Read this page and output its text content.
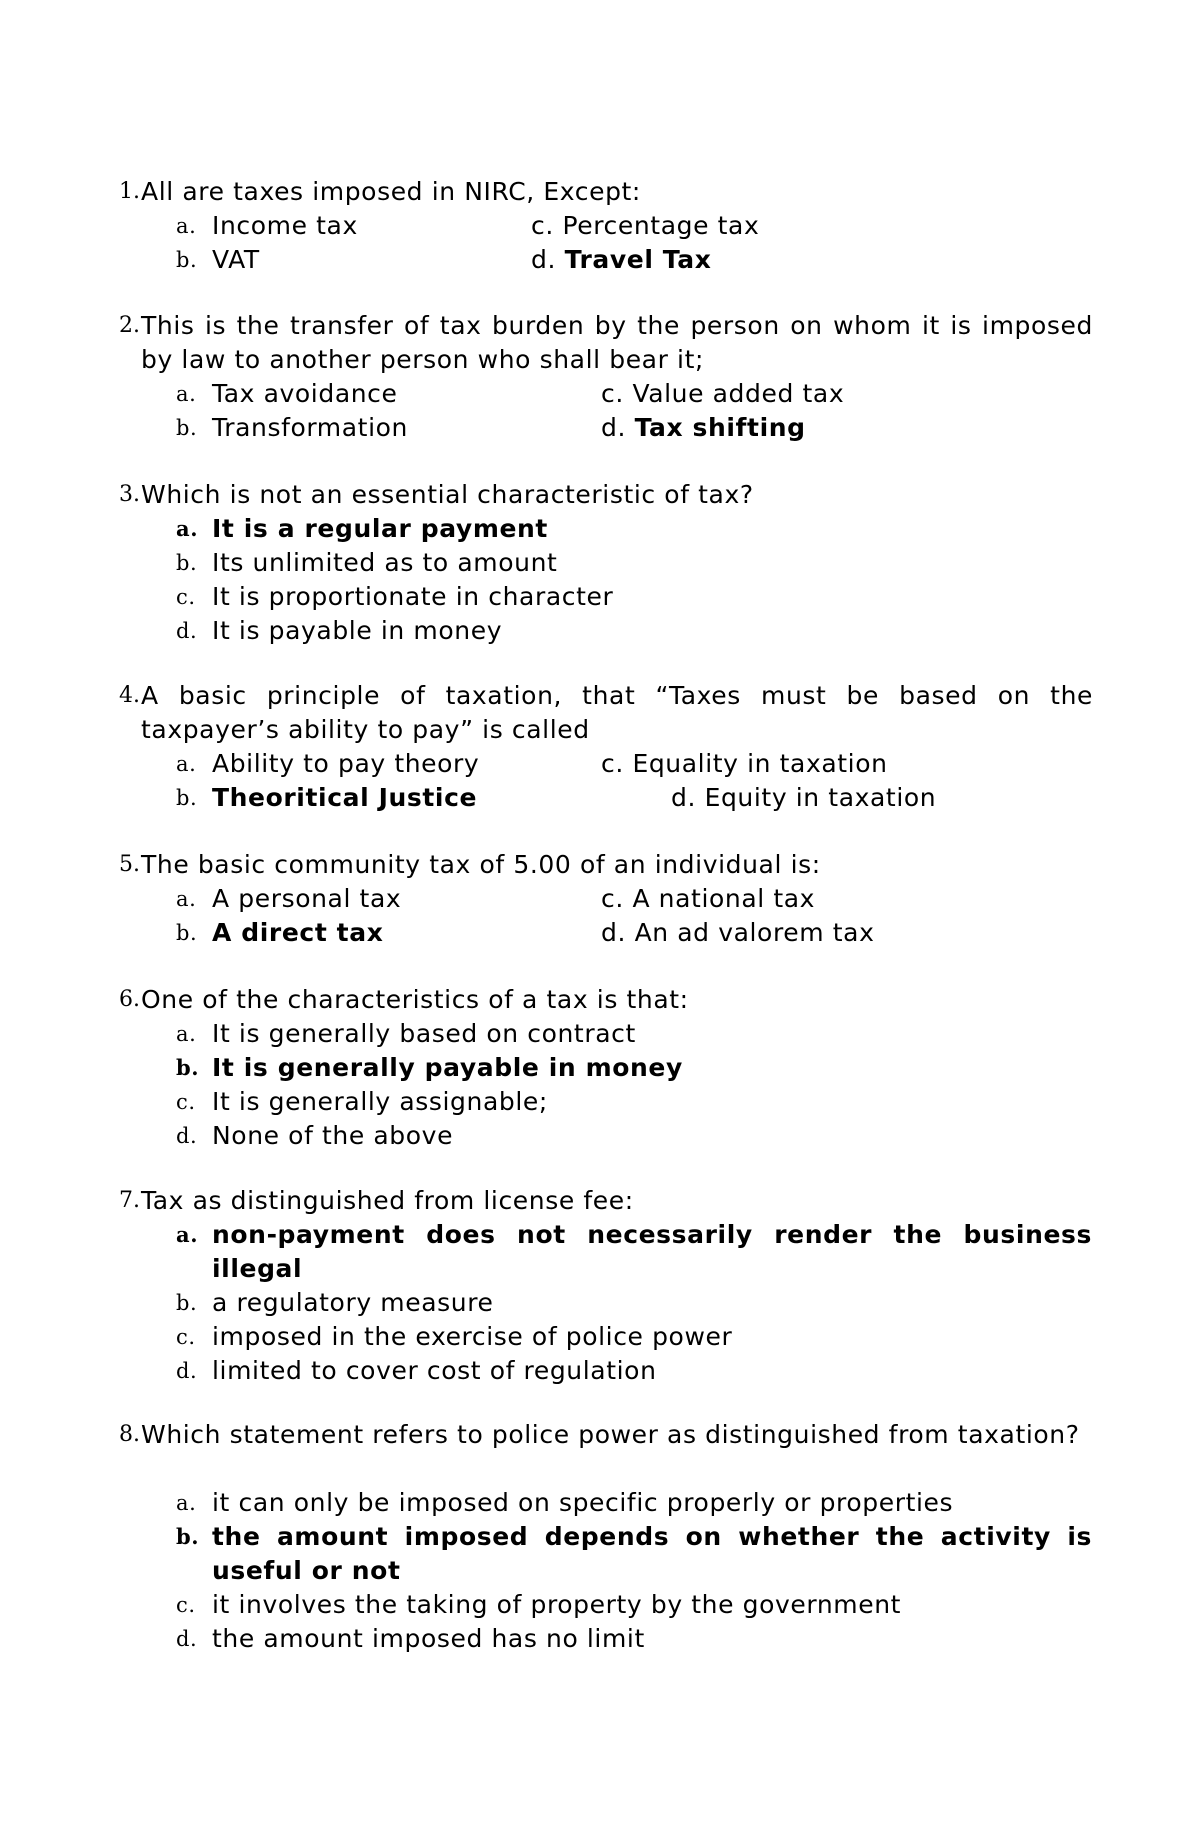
1. All are taxes imposed in NIRC, Except:
a. Income tax
b. VAT
c. Percentage tax
d. Travel Tax
2. This is the transfer of tax burden by the person on whom it is imposed by law to another person who shall bear it;
a. Tax avoidance
b. Transformation
c. Value added tax
d. Tax shifting
3. Which is not an essential characteristic of tax?
a. It is a regular payment
b. Its unlimited as to amount
c. It is proportionate in character
d. It is payable in money
4. A basic principle of taxation, that “Taxes must be based on the taxpayer’s ability to pay” is called
a. Ability to pay theory
b. Theoritical Justice
c. Equality in taxation
d. Equity in taxation
5. The basic community tax of 5.00 of an individual is:
a. A personal tax
b. A direct tax
c. A national tax
d. An ad valorem tax
6. One of the characteristics of a tax is that:
a. It is generally based on contract
b. It is generally payable in money
c. It is generally assignable;
d. None of the above
7. Tax as distinguished from license fee:
a. non-payment does not necessarily render the business illegal
b. a regulatory measure
c. imposed in the exercise of police power
d. limited to cover cost of regulation
8. Which statement refers to police power as distinguished from taxation?
a. it can only be imposed on specific properly or properties
b. the amount imposed depends on whether the activity is useful or not
c. it involves the taking of property by the government
d. the amount imposed has no limit
